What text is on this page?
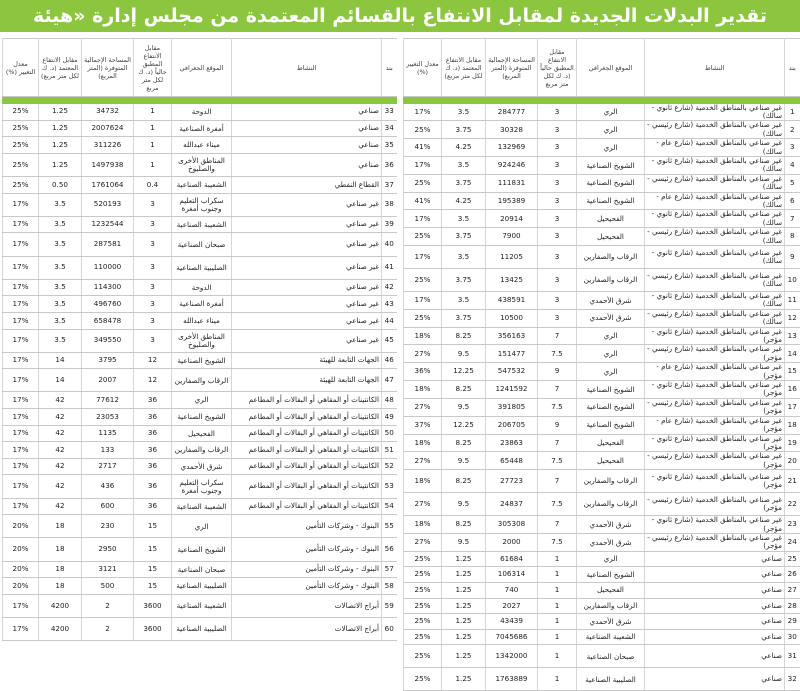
تقدير البدلات الجديدة لمقابل الانتفاع بالقسائم المعتمدة من مجلس إدارة «هيئة الصناعة»
بند	النشاط	الموقع الجغرافي	مقابل الانتفاع المطبق حالياً (د. ك لكل متر مربع	المساحة الإجمالية المتوفرة (المتر المربع)	مقابل الانتفاع المعتمد (د. ك لكل متر مربع)	معدل التغيير (%)

1	غير صناعي بالمناطق الخدمية (شارع ثانوي - سالك)	الري	3	284777	3.5	17%
2	غير صناعي بالمناطق الخدمية (شارع رئيسي - سالك)	الري	3	30328	3.75	25%
3	غير صناعي بالمناطق الخدمية (شارع عام - سالك)	الري	3	132969	4.25	41%
4	غير صناعي بالمناطق الخدمية (شارع ثانوي - سالك)	الشويخ الصناعية	3	924246	3.5	17%
5	غير صناعي بالمناطق الخدمية (شارع رئيسي - سالك)	الشويخ الصناعية	3	111831	3.75	25%
6	غير صناعي بالمناطق الخدمية (شارع عام - سالك)	الشويخ الصناعية	3	195389	4.25	41%
7	غير صناعي بالمناطق الخدمية (شارع ثانوي - سالك)	الفحيحيل	3	20914	3.5	17%
8	غير صناعي بالمناطق الخدمية (شارع رئيسي - سالك)	الفحيحيل	3	7900	3.75	25%
9	غير صناعي بالمناطق الخدمية (شارع ثانوي - سالك)	الرقاب والصفارين	3	11205	3.5	17%
10	غير صناعي بالمناطق الخدمية (شارع رئيسي - سالك)	الرقاب والصفارين	3	13425	3.75	25%
11	غير صناعي بالمناطق الخدمية (شارع ثانوي - سالك)	شرق الأحمدي	3	438591	3.5	17%
12	غير صناعي بالمناطق الخدمية (شارع رئيسي - سالك)	شرق الأحمدي	3	10500	3.75	25%
13	غير صناعي بالمناطق الخدمية (شارع ثانوي - مؤجر)	الري	7	356163	8.25	18%
14	غير صناعي بالمناطق الخدمية (شارع رئيسي - مؤجر)	الري	7.5	151477	9.5	27%
15	غير صناعي بالمناطق الخدمية (شارع عام - مؤجر)	الري	9	547532	12.25	36%
16	غير صناعي بالمناطق الخدمية (شارع ثانوي - مؤجر)	الشويخ الصناعية	7	1241592	8.25	18%
17	غير صناعي بالمناطق الخدمية (شارع رئيسي - مؤجر)	الشويخ الصناعية	7.5	391805	9.5	27%
18	غير صناعي بالمناطق الخدمية (شارع عام - مؤجر)	الشويخ الصناعية	9	206705	12.25	37%
19	غير صناعي بالمناطق الخدمية (شارع ثانوي - مؤجر)	الفحيحيل	7	23863	8.25	18%
20	غير صناعي بالمناطق الخدمية (شارع رئيسي - مؤجر)	الفحيحيل	7.5	65448	9.5	27%
21	غير صناعي بالمناطق الخدمية (شارع ثانوي - مؤجر)	الرقاب والصفارين	7	27723	8.25	18%
22	غير صناعي بالمناطق الخدمية (شارع رئيسي - مؤجر)	الرقاب والصفارين	7.5	24837	9.5	27%
23	غير صناعي بالمناطق الخدمية (شارع ثانوي - مؤجر)	شرق الأحمدي	7	305308	8.25	18%
24	غير صناعي بالمناطق الخدمية (شارع رئيسي - مؤجر)	شرق الأحمدي	7.5	2000	9.5	27%
25	صناعي	الري	1	61684	1.25	25%
26	صناعي	الشويخ الصناعية	1	106314	1.25	25%
27	صناعي	الفحيحيل	1	740	1.25	25%
28	صناعي	الرقاب والصفارين	1	2027	1.25	25%
29	صناعي	شرق الأحمدي	1	43439	1.25	25%
30	صناعي	الشعيبة الصناعية	1	7045686	1.25	25%
31	صناعي	صبحان الصناعية	1	1342000	1.25	25%
32	صناعي	الصليبية الصناعية	1	1763889	1.25	25%
بند	النشاط	الموقع الجغرافي	مقابل الانتفاع المطبق حالياً (د. ك لكل متر مربع	المساحة الإجمالية المتوفرة (المتر المربع)	مقابل الانتفاع المعتمد (د. ك لكل متر مربع)	معدل التغيير (%)

33	صناعي	الدوحة	1	34732	1.25	25%
34	صناعي	أمغرة الصناعية	1	2007624	1.25	25%
35	صناعي	ميناء عبدالله	1	311226	1.25	25%
36	صناعي	المناطق الأخرى والصلبوخ	1	1497938	1.25	25%
37	القطاع النفطي	الشعيبة الصناعية	0.4	1761064	0.50	25%
38	غير صناعي	سكراب التعليم وجنوب أمغرة	3	520193	3.5	17%
39	غير صناعي	الشعيبة الصناعية	3	1232544	3.5	17%
40	غير صناعي	صبحان الصناعية	3	287581	3.5	17%
41	غير صناعي	الصليبية الصناعية	3	110000	3.5	17%
42	غير صناعي	الدوحة	3	114300	3.5	17%
43	غير صناعي	أمغرة الصناعية	3	496760	3.5	17%
44	غير صناعي	ميناء عبدالله	3	658478	3.5	17%
45	غير صناعي	المناطق الأخرى والصلبوخ	3	349550	3.5	17%
46	الجهات التابعة للهيئة	الشويخ الصناعية	12	3795	14	17%
47	الجهات التابعة للهيئة	الرقاب والصفارين	12	2007	14	17%
48	الكانتينات أو المقاهي أو البقالات أو المطاعم	الري	36	77612	42	17%
49	الكانتينات أو المقاهي أو البقالات أو المطاعم	الشويخ الصناعية	36	23053	42	17%
50	الكانتينات أو المقاهي أو البقالات أو المطاعم	الفحيحيل	36	1135	42	17%
51	الكانتينات أو المقاهي أو البقالات أو المطاعم	الرقاب والصفارين	36	133	42	17%
52	الكانتينات أو المقاهي أو البقالات أو المطاعم	شرق الأحمدي	36	2717	42	17%
53	الكانتينات أو المقاهي أو البقالات أو المطاعم	سكراب التعليم وجنوب أمغرة	36	436	42	17%
54	الكانتينات أو المقاهي أو البقالات أو المطاعم	الشعيبة الصناعية	36	600	42	17%
55	البنوك - وشركات التأمين	الري	15	230	18	20%
56	البنوك - وشركات التأمين	الشويخ الصناعية	15	2950	18	20%
57	البنوك - وشركات التأمين	صبحان الصناعية	15	3121	18	20%
58	البنوك - وشركات التأمين	الصليبية الصناعية	15	500	18	20%
59	أبراج الاتصالات	الشعيبة الصناعية	3600	2	4200	17%
60	أبراج الاتصالات	الصليبية الصناعية	3600	2	4200	17%
